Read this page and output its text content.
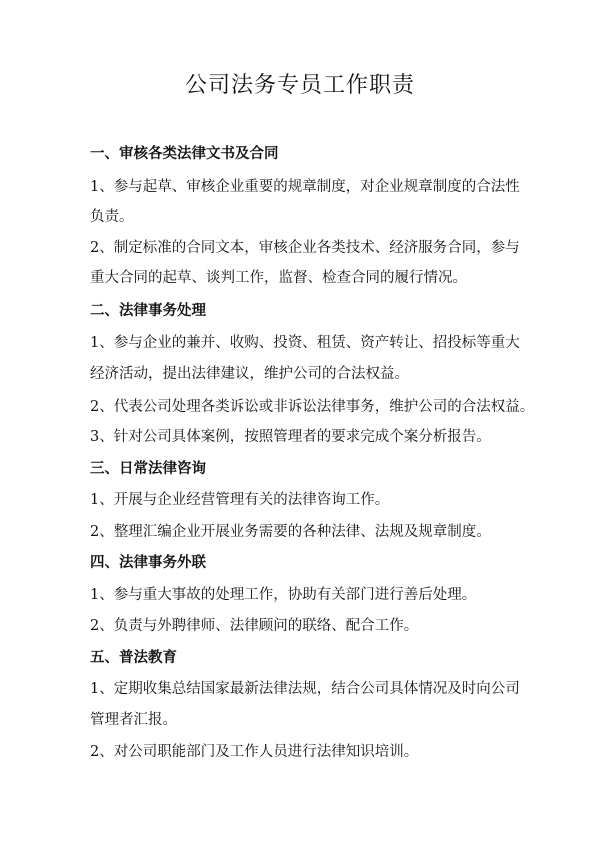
公司法务专员工作职责
一、审核各类法律文书及合同
1、参与起草、审核企业重要的规章制度，对企业规章制度的合法性
负责。
2、制定标准的合同文本，审核企业各类技术、经济服务合同，参与
重大合同的起草、谈判工作，监督、检查合同的履行情况。
二、法律事务处理
1、参与企业的兼并、收购、投资、租赁、资产转让、招投标等重大
经济活动，提出法律建议，维护公司的合法权益。
2、代表公司处理各类诉讼或非诉讼法律事务，维护公司的合法权益。
3、针对公司具体案例，按照管理者的要求完成个案分析报告。
三、日常法律咨询
1、开展与企业经营管理有关的法律咨询工作。
2、整理汇编企业开展业务需要的各种法律、法规及规章制度。
四、法律事务外联
1、参与重大事故的处理工作，协助有关部门进行善后处理。
2、负责与外聘律师、法律顾问的联络、配合工作。
五、普法教育
1、定期收集总结国家最新法律法规，结合公司具体情况及时向公司
管理者汇报。
2、对公司职能部门及工作人员进行法律知识培训。
